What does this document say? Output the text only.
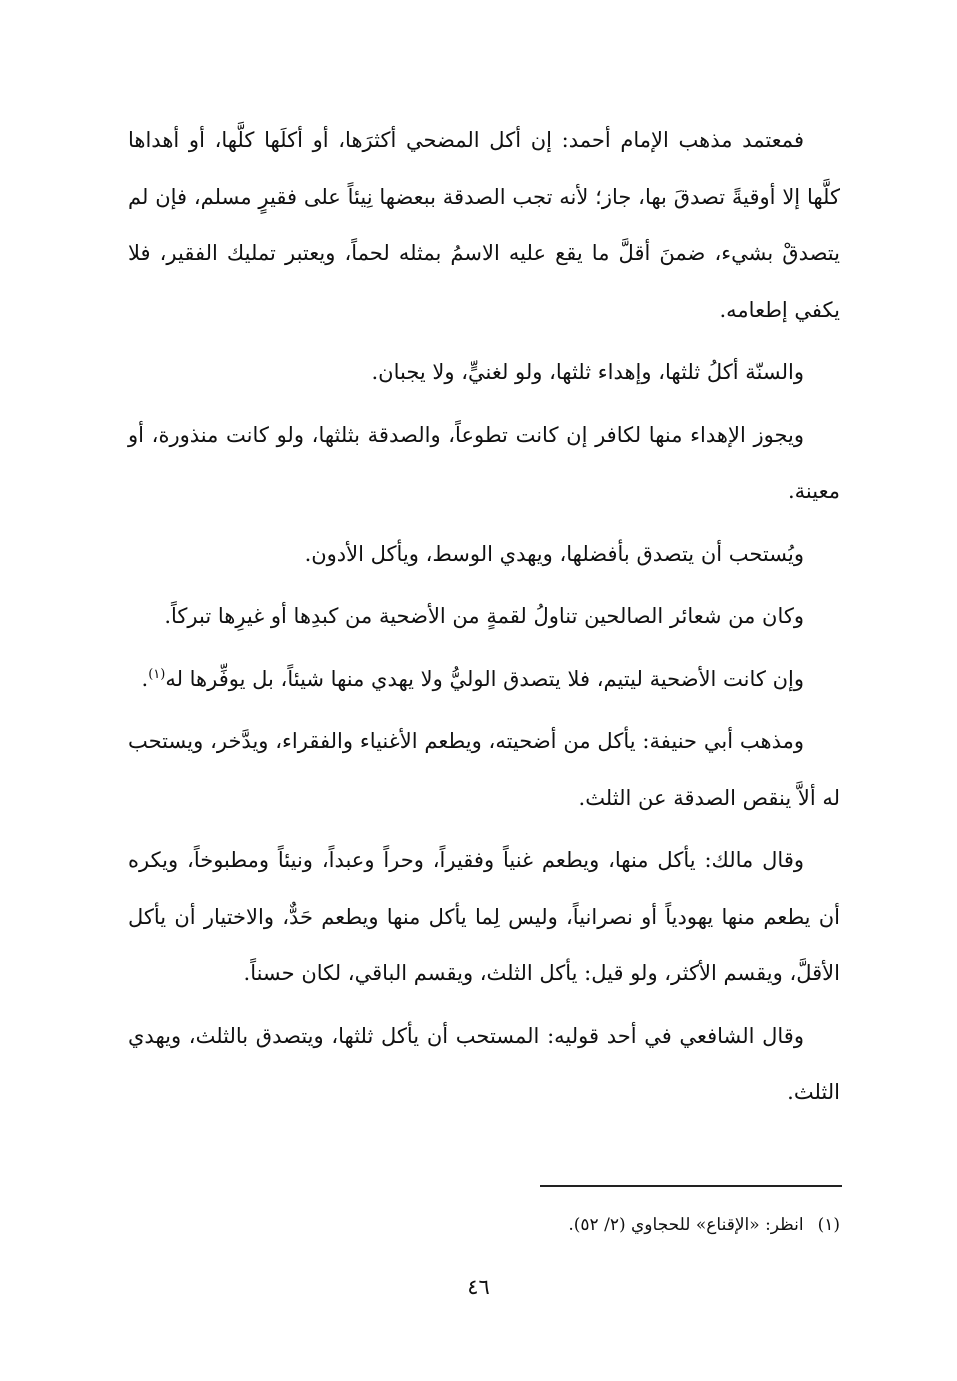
فمعتمد مذهب الإمام أحمد: إن أكل المضحي أكثرَها، أو أكلَها كلَّها، أو أهداها كلَّها إلا أوقيةً تصدقَ بها، جاز؛ لأنه تجب الصدقة ببعضها نِيئاً على فقيرٍ مسلم، فإن لم يتصدقْ بشيء، ضمنَ أقلَّ ما يقع عليه الاسمُ بمثله لحماً، ويعتبر تمليك الفقير، فلا يكفي إطعامه.

والسنّة أكلُ ثلثها، وإهداء ثلثها، ولو لغنيٍّ، ولا يجبان.

ويجوز الإهداء منها لكافر إن كانت تطوعاً، والصدقة بثلثها، ولو كانت منذورة، أو معينة.

ويُستحب أن يتصدق بأفضلها، ويهدي الوسط، ويأكل الأدون.

وكان من شعائر الصالحين تناولُ لقمةٍ من الأضحية من كبدِها أو غيرِها تبركاً.

وإن كانت الأضحية ليتيم، فلا يتصدق الوليُّ ولا يهدي منها شيئاً، بل يوفِّرها له$^{(١)}$.

ومذهب أبي حنيفة: يأكل من أضحيته، ويطعم الأغنياء والفقراء، ويدَّخر، ويستحب له ألاَّ ينقص الصدقة عن الثلث.

وقال مالك: يأكل منها، ويطعم غنياً وفقيراً، وحراً وعبداً، ونيئاً ومطبوخاً، ويكره أن يطعم منها يهودياً أو نصرانياً، وليس لِما يأكل منها ويطعم حَدٌّ، والاختيار أن يأكل الأقلَّ، ويقسم الأكثر، ولو قيل: يأكل الثلث، ويقسم الباقي، لكان حسناً.

وقال الشافعي في أحد قوليه: المستحب أن يأكل ثلثها، ويتصدق بالثلث، ويهدي الثلث.

(١)انظر: «الإقناع» للحجاوي (٢/ ٥٢).
٤٦
